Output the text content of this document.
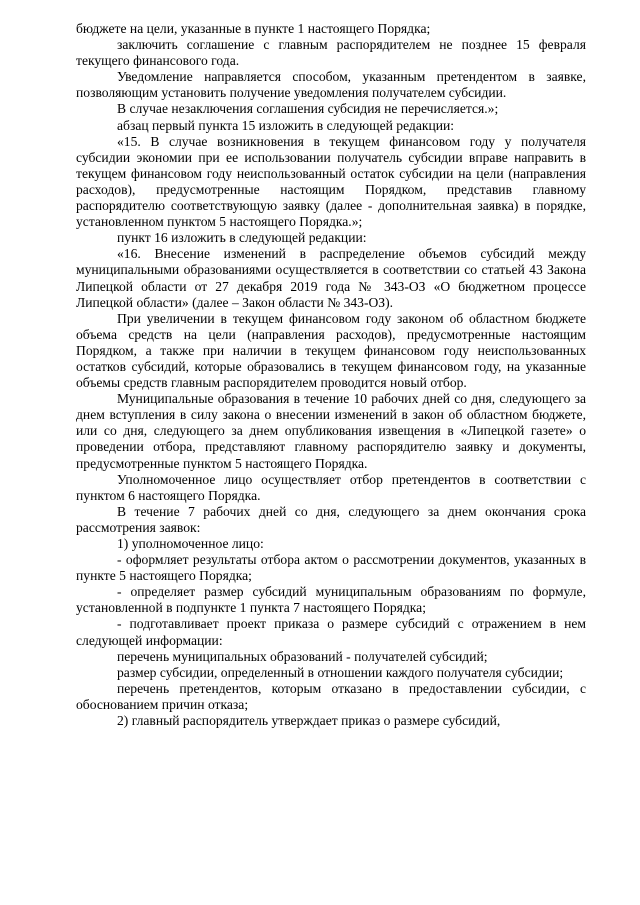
бюджете на цели, указанные в пункте 1 настоящего Порядка;

заключить соглашение с главным распорядителем не позднее 15 февраля текущего финансового года.

Уведомление направляется способом, указанным претендентом в заявке, позволяющим установить получение уведомления получателем субсидии.

В случае незаключения соглашения субсидия не перечисляется.»;

абзац первый пункта 15 изложить в следующей редакции:

«15. В случае возникновения в текущем финансовом году у получателя субсидии экономии при ее использовании получатель субсидии вправе направить в текущем финансовом году неиспользованный остаток субсидии на цели (направления расходов), предусмотренные настоящим Порядком, представив главному распорядителю соответствующую заявку (далее - дополнительная заявка) в порядке, установленном пунктом 5 настоящего Порядка.»;

пункт 16 изложить в следующей редакции:

«16. Внесение изменений в распределение объемов субсидий между муниципальными образованиями осуществляется в соответствии со статьей 43 Закона Липецкой области от 27 декабря 2019 года № 343-ОЗ «О бюджетном процессе Липецкой области» (далее – Закон области № 343-ОЗ).

При увеличении в текущем финансовом году законом об областном бюджете объема средств на цели (направления расходов), предусмотренные настоящим Порядком, а также при наличии в текущем финансовом году неиспользованных остатков субсидий, которые образовались в текущем финансовом году, на указанные объемы средств главным распорядителем проводится новый отбор.

Муниципальные образования в течение 10 рабочих дней со дня, следующего за днем вступления в силу закона о внесении изменений в закон об областном бюджете, или со дня, следующего за днем опубликования извещения в «Липецкой газете» о проведении отбора, представляют главному распорядителю заявку и документы, предусмотренные пунктом 5 настоящего Порядка.

Уполномоченное лицо осуществляет отбор претендентов в соответствии с пунктом 6 настоящего Порядка.

В течение 7 рабочих дней со дня, следующего за днем окончания срока рассмотрения заявок:

1) уполномоченное лицо:

- оформляет результаты отбора актом о рассмотрении документов, указанных в пункте 5 настоящего Порядка;

- определяет размер субсидий муниципальным образованиям по формуле, установленной в подпункте 1 пункта 7 настоящего Порядка;

- подготавливает проект приказа о размере субсидий с отражением в нем следующей информации:

перечень муниципальных образований - получателей субсидий;

размер субсидии, определенный в отношении каждого получателя субсидии;

перечень претендентов, которым отказано в предоставлении субсидии, с обоснованием причин отказа;

2) главный распорядитель утверждает приказ о размере субсидий,
